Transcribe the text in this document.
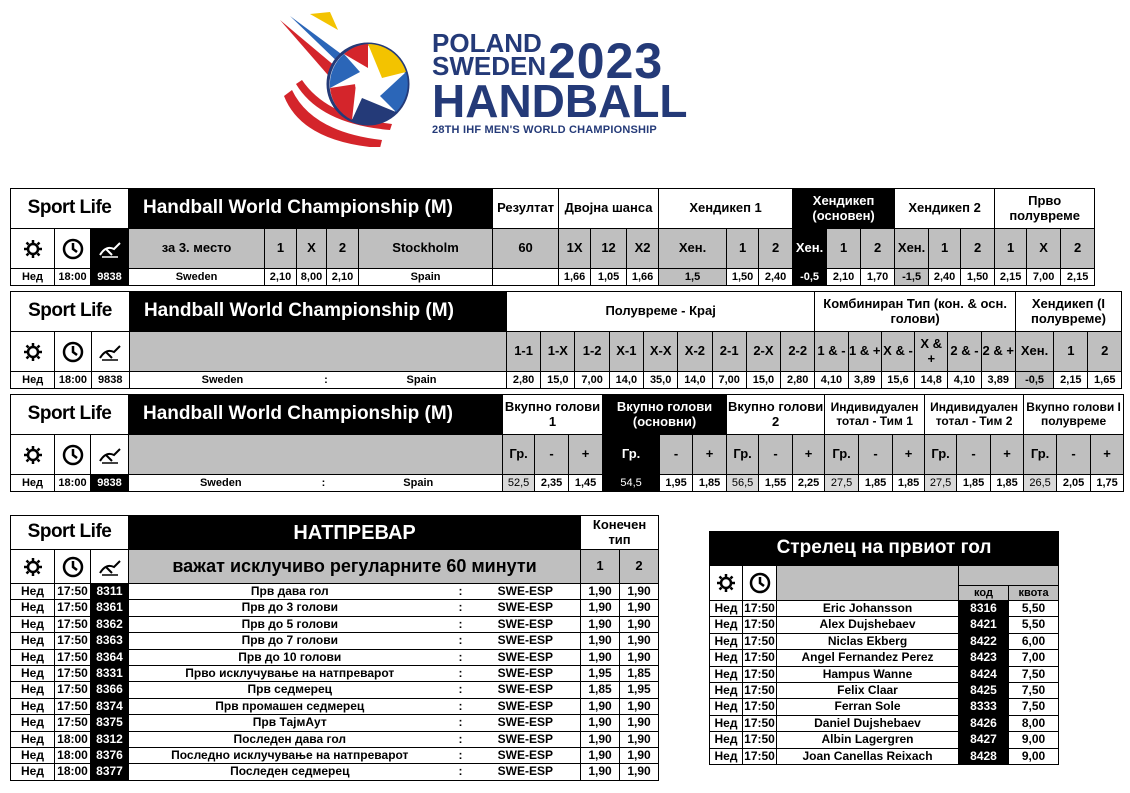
POLAND
SWEDEN 2023
HANDBALL
28TH IHF MEN'S WORLD CHAMPIONSHIP
Sport Life			Handball World Championship (M)					Резултат	Двојна шанса			Хендикеп 1			Хендикеп (основен)			Хендикеп 2			Прво полувреме			

	за 3. место	1	X	2	Stockholm	60	1X	12	X2	Хен.	1	2	Хен.	1	2	Хен.	1	2	1	X	2	
Нед	18:00	9838	Sweden	2,10	8,00	2,10	Spain		1,66	1,05	1,66	1,5	1,50	2,40	-0,5	2,10	1,70	-1,5	2,40	1,50	2,15	7,00	2,15	
Sport Life			Handball World Championship (M)			Полувреме - Крај									Комбиниран Тип (кон. & осн. голови)						Хендикеп (I полувреме)		

		1-1	1-X	1-2	X-1	X-X	X-2	2-1	2-X	2-2	1 & -	1 & +	X & -	X & +	2 & -	2 & +	Хен.	1	2
Нед	18:00	9838	Sweden	:	Spain	2,80	15,0	7,00	14,0	35,0	14,0	7,00	15,0	2,80	4,10	3,89	15,6	14,8	4,10	3,89	-0,5	2,15	1,65
Sport Life			Handball World Championship (M)			Вкупно голови 1			Вкупно голови (основни)			Вкупно голови 2			Индивидуален тотал - Тим 1			Индивидуален тотал - Тим 2			Вкупно голови I полувреме		

		Гр.	-	+	Гр.	-	+	Гр.	-	+	Гр.	-	+	Гр.	-	+	Гр.	-	+
Нед	18:00	9838	Sweden	:	Spain	52,5	2,35	1,45	54,5	1,95	1,85	56,5	1,55	2,25	27,5	1,85	1,85	27,5	1,85	1,85	26,5	2,05	1,75
Sport Life			НАТПРЕВАР			Конечен тип	

	важат исклучиво регуларните 60 минути			1	2
Нед	17:50	8311	Прв дава гол	:	SWE-ESP	1,90	1,90
Нед	17:50	8361	Прв до 3 голови	:	SWE-ESP	1,90	1,90
Нед	17:50	8362	Прв до 5 голови	:	SWE-ESP	1,90	1,90
Нед	17:50	8363	Прв до 7 голови	:	SWE-ESP	1,90	1,90
Нед	17:50	8364	Прв до 10 голови	:	SWE-ESP	1,90	1,90
Нед	17:50	8331	Прво исклучување на натпреварот	:	SWE-ESP	1,95	1,85
Нед	17:50	8366	Прв седмерец	:	SWE-ESP	1,85	1,95
Нед	17:50	8374	Прв промашен седмерец	:	SWE-ESP	1,90	1,90
Нед	17:50	8375	Прв ТајмАут	:	SWE-ESP	1,90	1,90
Нед	18:00	8312	Последен дава гол	:	SWE-ESP	1,90	1,90
Нед	18:00	8376	Последно исклучување на натпреварот	:	SWE-ESP	1,90	1,90
Нед	18:00	8377	Последен седмерец	:	SWE-ESP	1,90	1,90
Стрелец на првиот гол				

			код	квота
Нед	17:50	Eric Johansson	8316	5,50
Нед	17:50	Alex Dujshebaev	8421	5,50
Нед	17:50	Niclas Ekberg	8422	6,00
Нед	17:50	Angel Fernandez Perez	8423	7,00
Нед	17:50	Hampus Wanne	8424	7,50
Нед	17:50	Felix Claar	8425	7,50
Нед	17:50	Ferran Sole	8333	7,50
Нед	17:50	Daniel Dujshebaev	8426	8,00
Нед	17:50	Albin Lagergren	8427	9,00
Нед	17:50	Joan Canellas Reixach	8428	9,00
